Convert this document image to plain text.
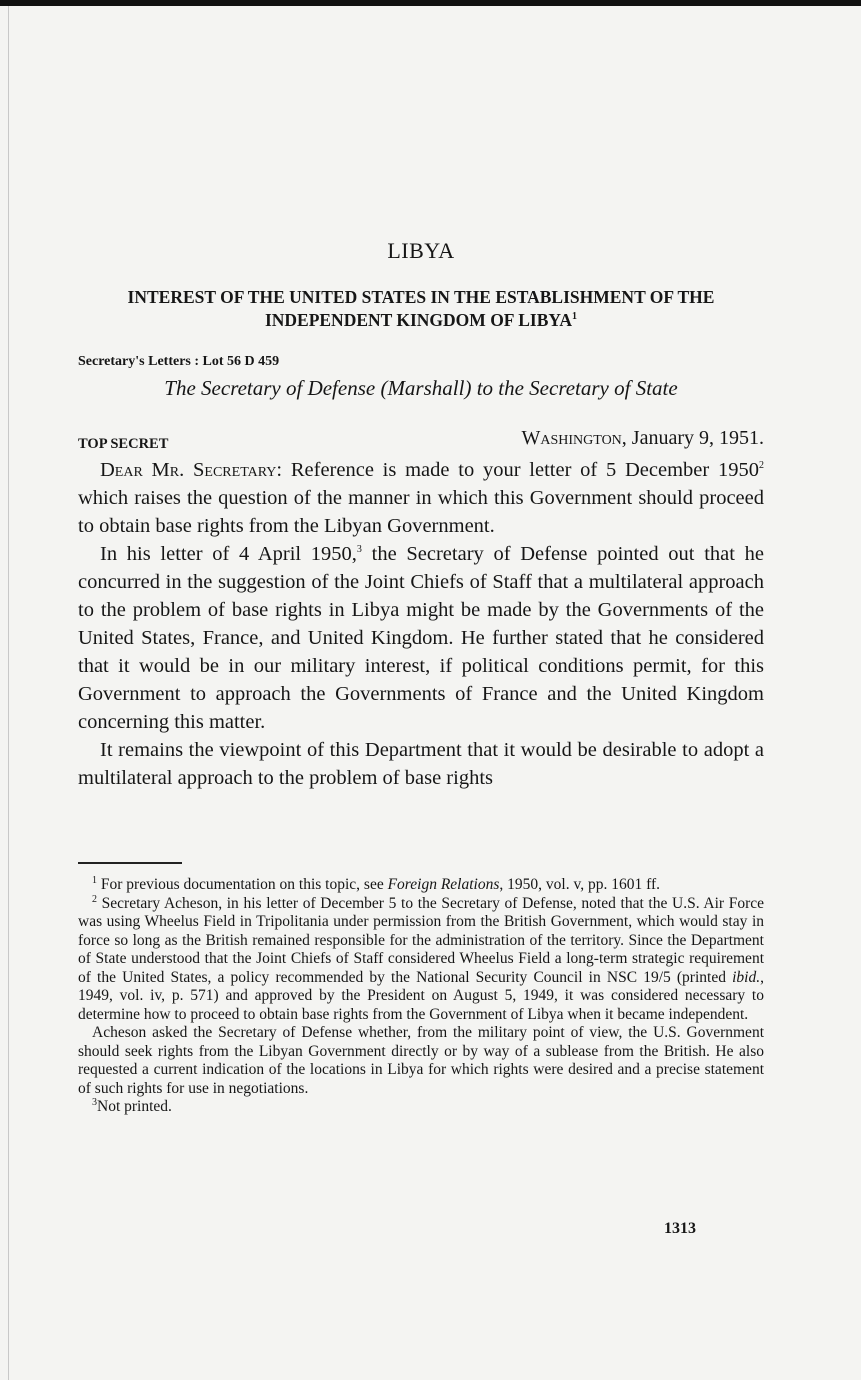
LIBYA
INTEREST OF THE UNITED STATES IN THE ESTABLISHMENT OF THE INDEPENDENT KINGDOM OF LIBYA$^1$
Secretary's Letters : Lot 56 D 459
The Secretary of Defense (Marshall) to the Secretary of State
TOP SECRET	Washington, January 9, 1951.

Dear Mr. Secretary: Reference is made to your letter of 5 December 1950$^2$ which raises the question of the manner in which this Government should proceed to obtain base rights from the Libyan Government.

In his letter of 4 April 1950,$^3$ the Secretary of Defense pointed out that he concurred in the suggestion of the Joint Chiefs of Staff that a multilateral approach to the problem of base rights in Libya might be made by the Governments of the United States, France, and United Kingdom. He further stated that he considered that it would be in our military interest, if political conditions permit, for this Government to approach the Governments of France and the United Kingdom concerning this matter.

It remains the viewpoint of this Department that it would be desirable to adopt a multilateral approach to the problem of base rights

$^1$ For previous documentation on this topic, see Foreign Relations, 1950, vol. v, pp. 1601 ff.

$^2$ Secretary Acheson, in his letter of December 5 to the Secretary of Defense, noted that the U.S. Air Force was using Wheelus Field in Tripolitania under permission from the British Government, which would stay in force so long as the British remained responsible for the administration of the territory. Since the Department of State understood that the Joint Chiefs of Staff considered Wheelus Field a long-term strategic requirement of the United States, a policy recommended by the National Security Council in NSC 19/5 (printed ibid., 1949, vol. iv, p. 571) and approved by the President on August 5, 1949, it was considered necessary to determine how to proceed to obtain base rights from the Government of Libya when it became independent.

Acheson asked the Secretary of Defense whether, from the military point of view, the U.S. Government should seek rights from the Libyan Government directly or by way of a sublease from the British. He also requested a current indication of the locations in Libya for which rights were desired and a precise statement of such rights for use in negotiations.

$^3$Not printed.

1313
